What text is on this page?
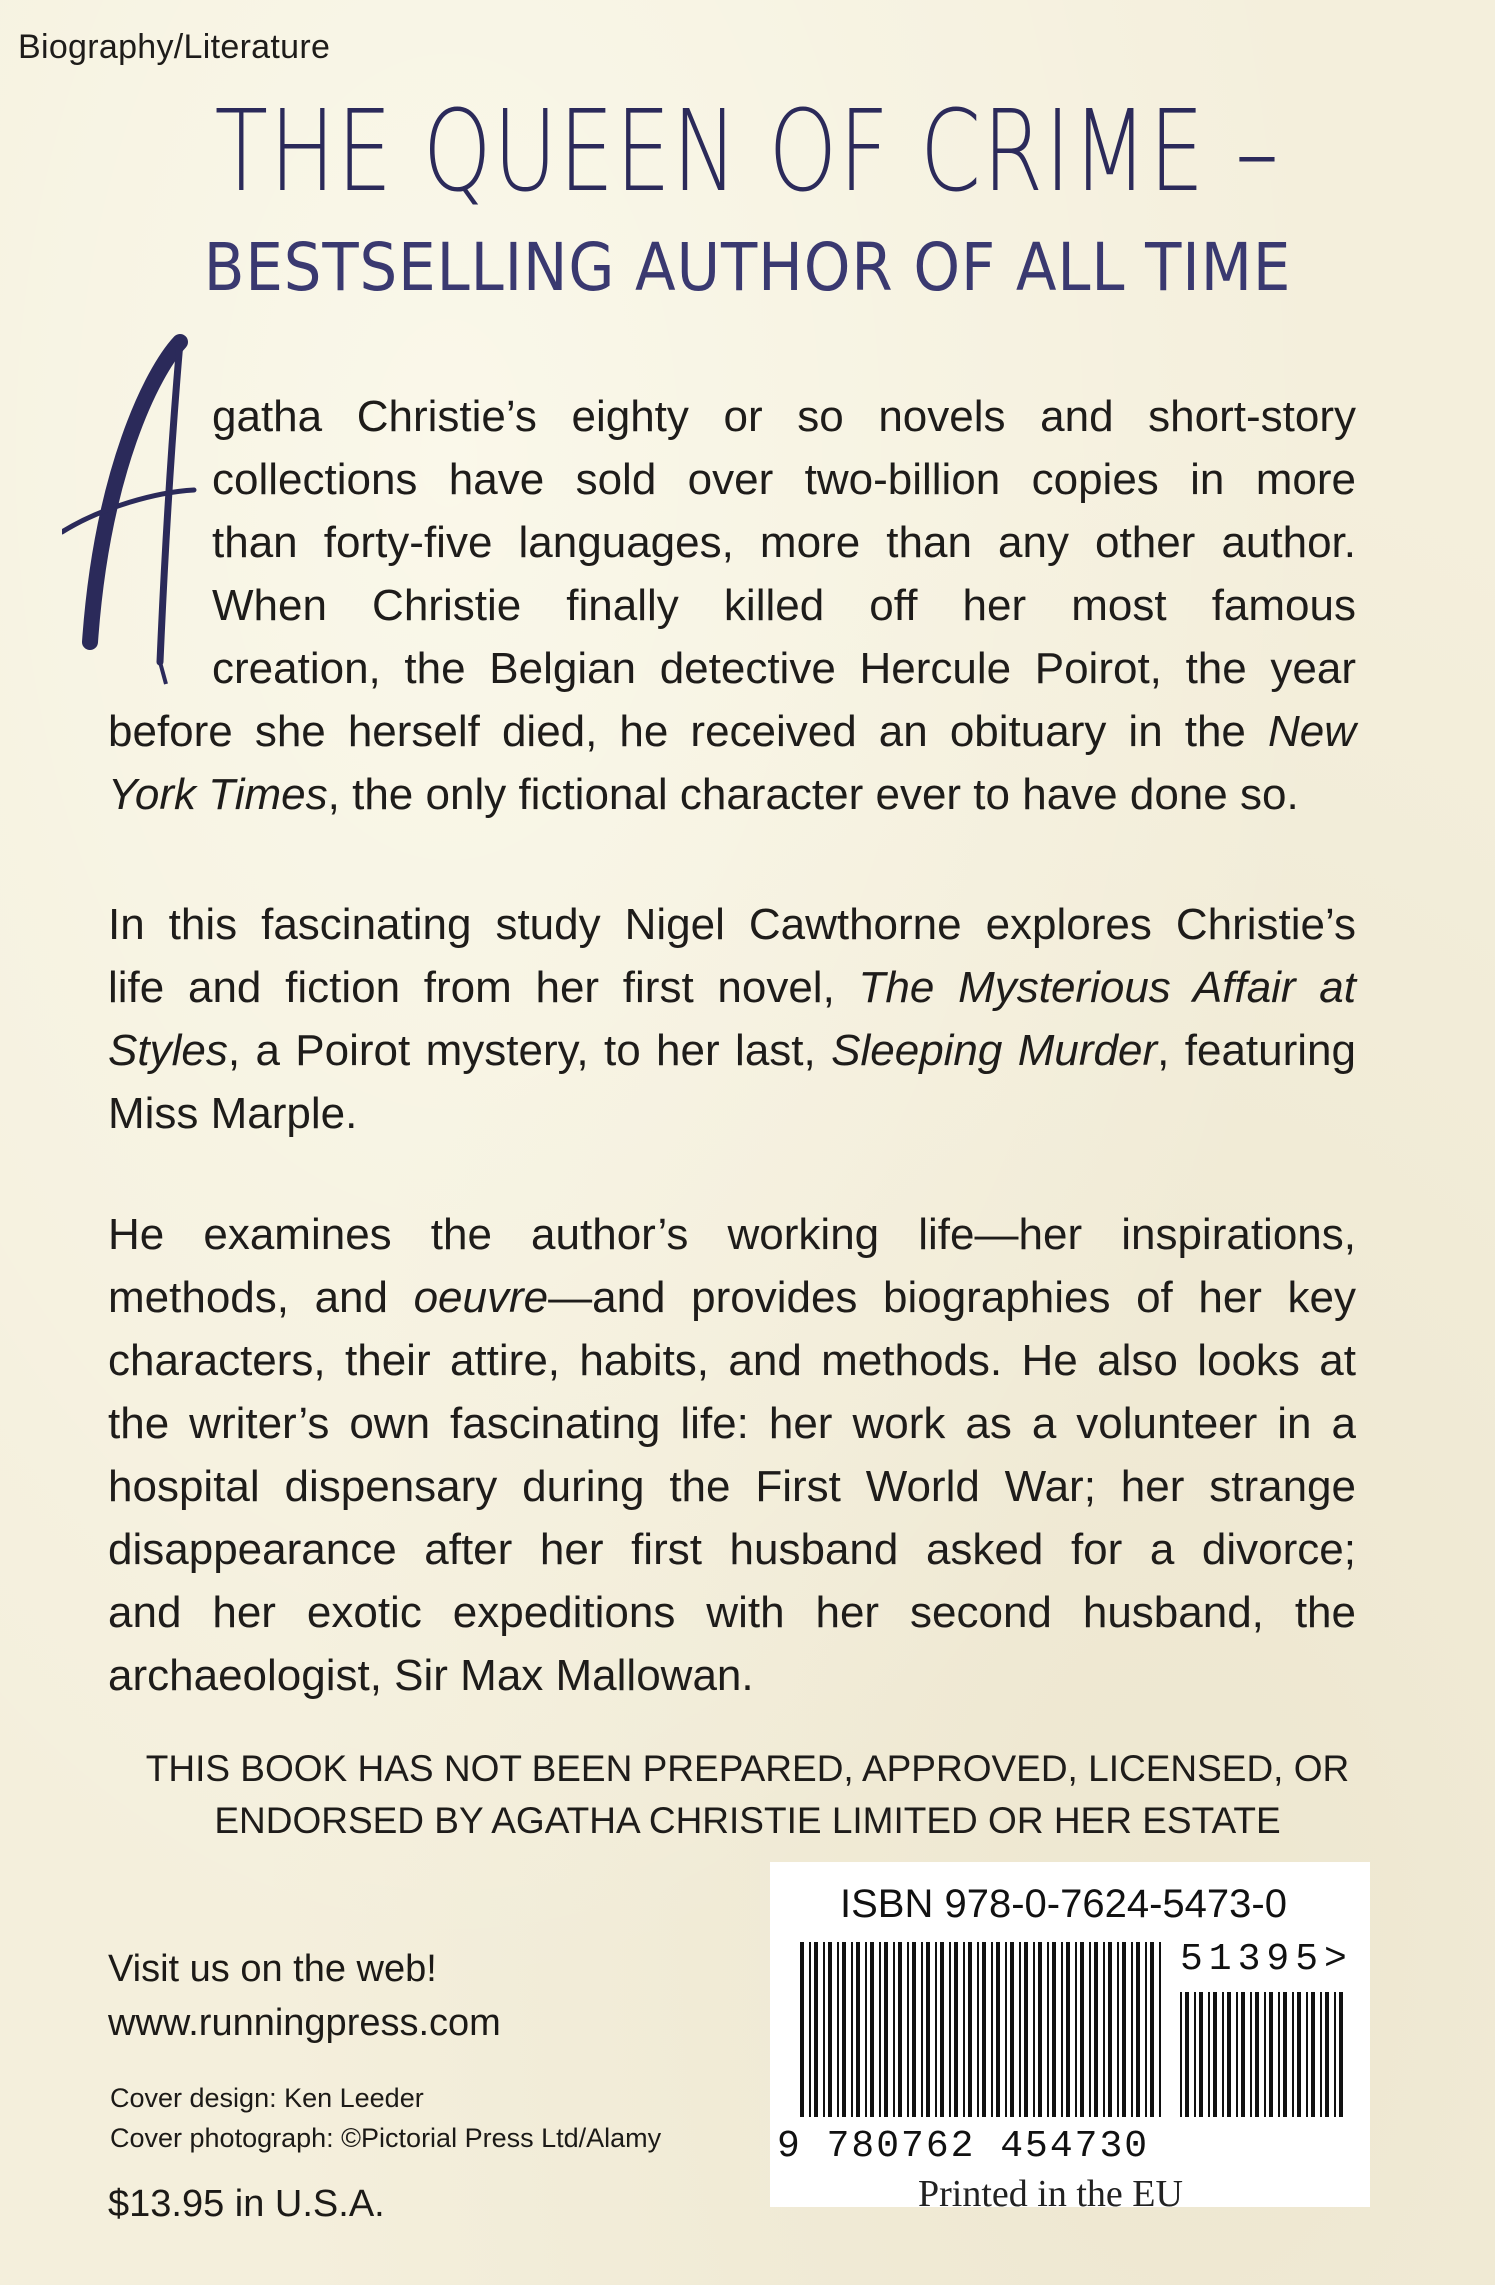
Biography/Literature
THE QUEEN OF CRIME –
BESTSELLING AUTHOR OF ALL TIME
gatha Christie’s eighty or so novels and short-story
collections have sold over two-billion copies in more
than forty-five languages, more than any other author.
When Christie finally killed off her most famous
creation, the Belgian detective Hercule Poirot, the year
before she herself died, he received an obituary in the New
York Times, the only fictional character ever to have done so.
In this fascinating study Nigel Cawthorne explores Christie’s
life and fiction from her first novel, The Mysterious Affair at
Styles, a Poirot mystery, to her last, Sleeping Murder, featuring
Miss Marple.
He examines the author’s working life—her inspirations,
methods, and oeuvre—and provides biographies of her key
characters, their attire, habits, and methods. He also looks at
the writer’s own fascinating life: her work as a volunteer in a
hospital dispensary during the First World War; her strange
disappearance after her first husband asked for a divorce;
and her exotic expeditions with her second husband, the
archaeologist, Sir Max Mallowan.
THIS BOOK HAS NOT BEEN PREPARED, APPROVED, LICENSED, OR
ENDORSED BY AGATHA CHRISTIE LIMITED OR HER ESTATE
Visit us on the web!
www.runningpress.com
Cover design: Ken Leeder
Cover photograph: ©Pictorial Press Ltd/Alamy
$13.95 in U.S.A.
ISBN 978-0-7624-5473-0
9 780762 454730
51395>
Printed in the EU
